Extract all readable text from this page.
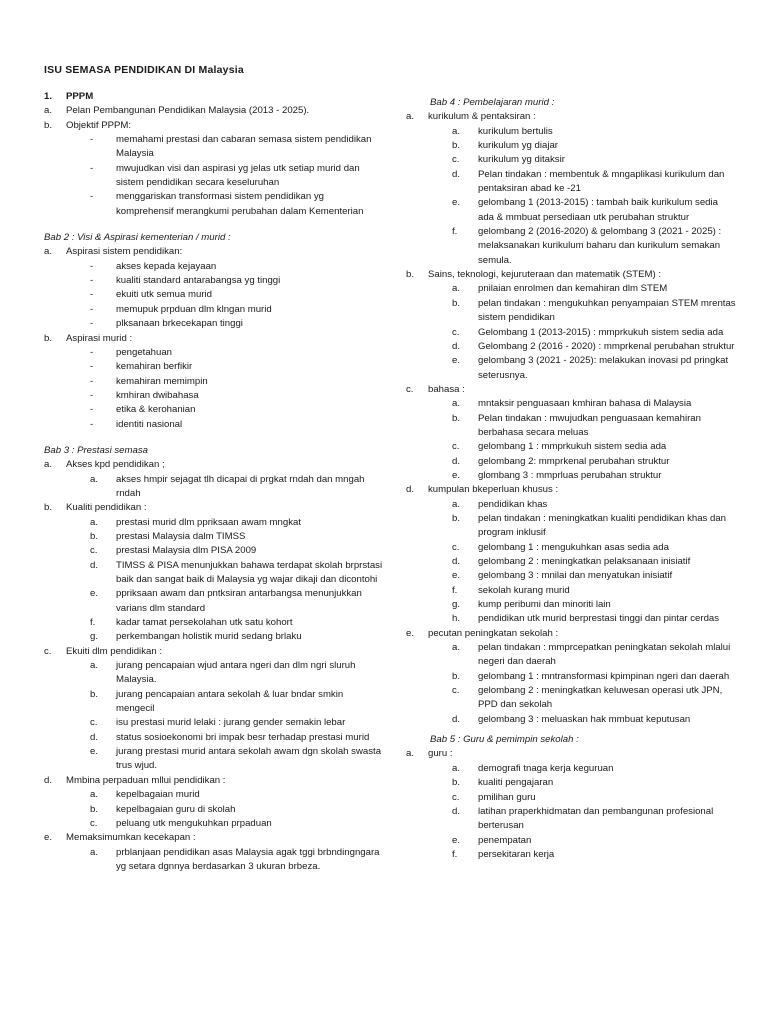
ISU SEMASA PENDIDIKAN DI Malaysia
1. PPPM
a. Pelan Pembangunan Pendidikan Malaysia (2013 - 2025).
b. Objektif PPPM:
- memahami prestasi dan cabaran semasa sistem pendidikan Malaysia
- mwujudkan visi dan aspirasi yg jelas utk setiap murid dan sistem pendidikan secara keseluruhan
- menggariskan transformasi sistem pendidikan yg komprehensif merangkumi perubahan dalam Kementerian
Bab 2 : Visi & Aspirasi kementerian / murid :
a. Aspirasi sistem pendidikan:
- akses kepada kejayaan
- kualiti standard antarabangsa yg tinggi
- ekuiti utk semua murid
- memupuk prpduan dlm klngan murid
- plksanaan brkecekapan tinggi
b. Aspirasi murid :
- pengetahuan
- kemahiran berfikir
- kemahiran memimpin
- kmhiran dwibahasa
- etika & kerohanian
- identiti nasional
Bab 3 : Prestasi semasa
a. Akses kpd pendidikan ;
a. akses hmpir sejagat tlh dicapai di prgkat rndah dan mngah rndah
b. Kualiti pendidikan :
a. prestasi murid dlm ppriksaan awam mngkat
b. prestasi Malaysia dalm TIMSS
c. prestasi Malaysia dlm PISA 2009
d. TIMSS & PISA menunjukkan bahawa terdapat skolah brprstasi baik dan sangat baik di Malaysia yg wajar dikaji dan dicontohi
e. ppriksaan awam dan pntksiran antarbangsa menunjukkan varians dlm standard
f. kadar tamat persekolahan utk satu kohort
g. perkembangan holistik murid sedang brlaku
c. Ekuiti dlm pendidikan :
a. jurang pencapaian wjud antara ngeri dan dlm ngri sluruh Malaysia.
b. jurang pencapaian antara sekolah & luar bndar smkin mengecil
c. isu prestasi murid lelaki : jurang gender semakin lebar
d. status sosioekonomi bri impak besr terhadap prestasi murid
e. jurang prestasi murid antara sekolah awam dgn skolah swasta trus wjud.
d. Mmbina perpaduan mllui pendidikan :
a. kepelbagaian murid
b. kepelbagaian guru di skolah
c. peluang utk mengukuhkan prpaduan
e. Memaksimumkan kecekapan :
a. prblanjaan pendidikan asas Malaysia agak tggi brbndingngara yg setara dgnnya berdasarkan 3 ukuran brbeza.
Bab 4 : Pembelajaran murid :
a. kurikulum & pentaksiran :
a. kurikulum bertulis
b. kurikulum yg diajar
c. kurikulum yg ditaksir
d. Pelan tindakan : membentuk & mngaplikasi kurikulum dan pentaksiran abad ke -21
e. gelombang 1 (2013-2015) : tambah baik kurikulum sedia ada & mmbuat persediaan utk perubahan struktur
f. gelombang 2 (2016-2020) & gelombang 3 (2021 - 2025) : melaksanakan kurikulum baharu dan kurikulum semakan semula.
b. Sains, teknologi, kejuruteraan dan matematik (STEM) :
a. pnilaian enrolmen dan kemahiran dlm STEM
b. pelan tindakan : mengukuhkan penyampaian STEM mrentas sistem pendidikan
c. Gelombang 1 (2013-2015) : mmprkukuh sistem sedia ada
d. Gelombang 2 (2016 - 2020) : mmprkenal perubahan struktur
e. gelombang 3 (2021 - 2025): melakukan inovasi pd pringkat seterusnya.
c. bahasa :
a. mntaksir penguasaan kmhiran bahasa di Malaysia
b. Pelan tindakan : mwujudkan penguasaan kemahiran berbahasa secara meluas
c. gelombang 1 : mmprkukuh sistem sedia ada
d. gelombang 2: mmprkenal perubahan struktur
e. glombang 3 : mmprluas perubahan struktur
d. kumpulan bkeperluan khusus :
a. pendidikan khas
b. pelan tindakan : meningkatkan kualiti pendidikan khas dan program inklusif
c. gelombang 1 : mengukuhkan asas sedia ada
d. gelombang 2 : meningkatkan pelaksanaan inisiatif
e. gelombang 3 : mnilai dan menyatukan inisiatif
f. sekolah kurang murid
g. kump peribumi dan minoriti lain
h. pendidikan utk murid berprestasi tinggi dan pintar cerdas
e. pecutan peningkatan sekolah :
a. pelan tindakan : mmprcepatkan peningkatan sekolah mlalui negeri dan daerah
b. gelombang 1 : mntransformasi kpimpinan ngeri dan daerah
c. gelombang 2 : meningkatkan keluwesan operasi utk JPN, PPD dan sekolah
d. gelombang 3 : meluaskan hak mmbuat keputusan
Bab 5 : Guru & pemimpin sekolah :
a. guru :
a. demografi tnaga kerja keguruan
b. kualiti pengajaran
c. pmilihan guru
d. latihan praperkhidmatan dan pembangunan profesional berterusan
e. penempatan
f. persekitaran kerja
